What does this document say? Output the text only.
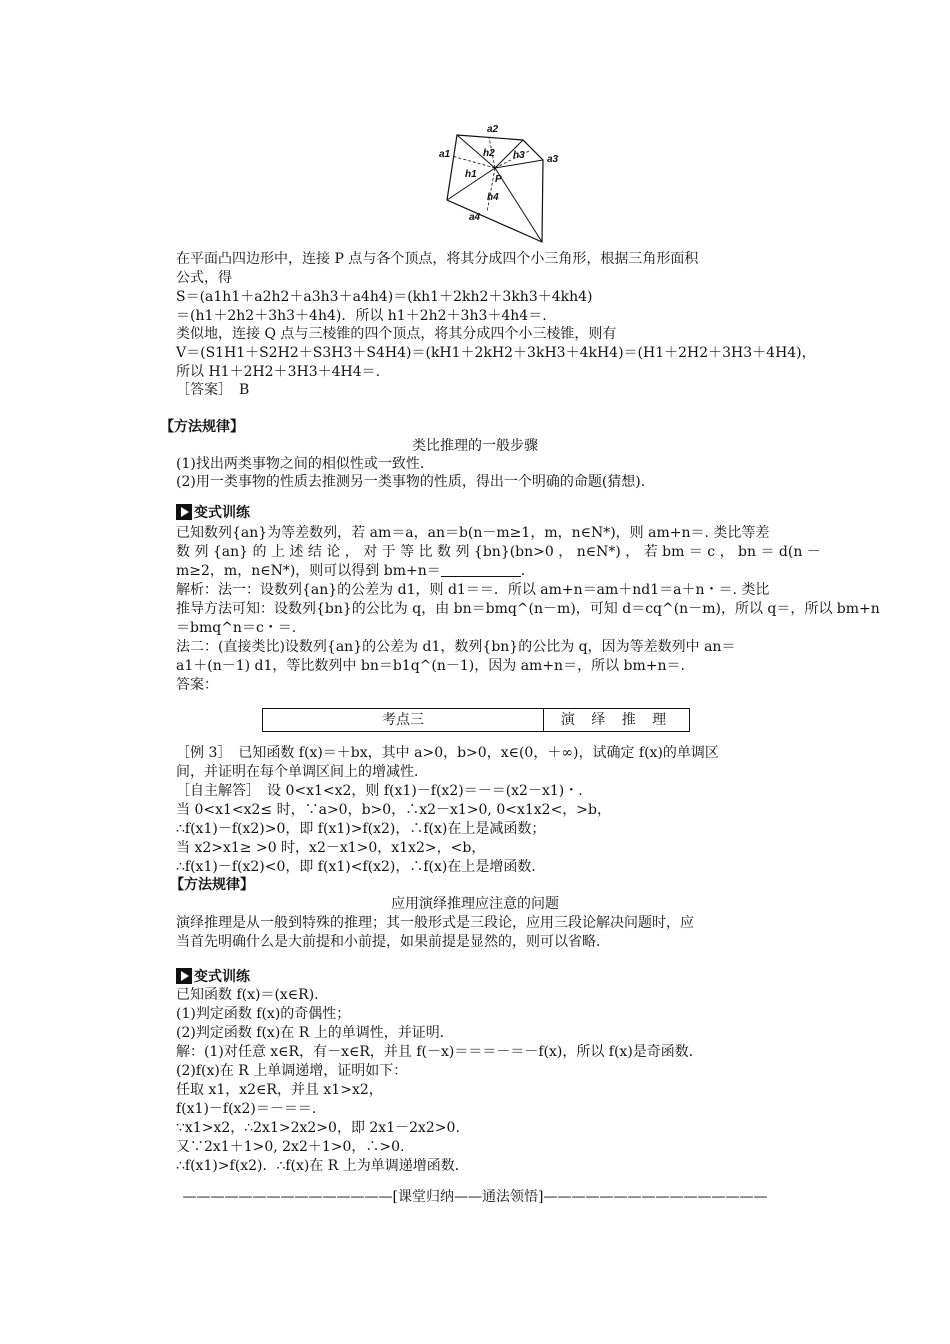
a2
a1	a3
a4
h2 h3
h1
h4
P
在平面凸四边形中，连接 P 点与各个顶点，将其分成四个小三角形，根据三角形面积
公式，得
S＝(a1h1＋a2h2＋a3h3＋a4h4)＝(kh1＋2kh2＋3kh3＋4kh4)
＝(h1＋2h2＋3h3＋4h4)．所以 h1＋2h2＋3h3＋4h4＝.
类似地，连接 Q 点与三棱锥的四个顶点，将其分成四个小三棱锥，则有
V＝(S1H1＋S2H2＋S3H3＋S4H4)＝(kH1＋2kH2＋3kH3＋4kH4)＝(H1＋2H2＋3H3＋4H4)，
所以 H1＋2H2＋3H3＋4H4＝.
［答案］　B
【方法规律】
类比推理的一般步骤
(1)找出两类事物之间的相似性或一致性．
(2)用一类事物的性质去推测另一类事物的性质，得出一个明确的命题(猜想)．
变式训练
已知数列{an}为等差数列，若 am＝a，an＝b(n－m≥1，m，n∈N*)，则 am+n＝. 类比等差
数 列 {an} 的 上 述 结 论 ， 对 于 等 比 数 列 {bn}(bn>0 ， n∈N*) ， 若 bm ＝ c ， bn ＝ d(n －
m≥2，m，n∈N*)，则可以得到 bm+n＝	.
解析：法一：设数列{an}的公差为 d1，则 d1＝＝．所以 am+n＝am＋nd1＝a＋n・＝. 类比
推导方法可知：设数列{bn}的公比为 q，由 bn＝bmq^(n－m)，可知 d＝cq^(n－m)，所以 q＝，所以 bm+n
＝bmq^n＝c・＝.
法二：(直接类比)设数列{an}的公差为 d1，数列{bn}的公比为 q，因为等差数列中 an＝
a1＋(n－1) d1，等比数列中 bn＝b1q^(n－1)，因为 am+n＝，所以 bm+n＝.
答案：
考点三	演 绎 推 理
［例 3］　已知函数 f(x)＝＋bx，其中 a>0，b>0，x∈(0，＋∞)，试确定 f(x)的单调区
间，并证明在每个单调区间上的增减性．
［自主解答］　设 0<x1<x2，则 f(x1)－f(x2)＝－＝(x2－x1)・.
当 0<x1<x2≤ 时，∵a>0，b>0，∴x2－x1>0, 0<x1x2<，>b，
∴f(x1)－f(x2)>0，即 f(x1)>f(x2)，∴f(x)在上是减函数；
当 x2>x1≥ >0 时，x2－x1>0，x1x2>，<b，
∴f(x1)－f(x2)<0，即 f(x1)<f(x2)，∴f(x)在上是增函数．
【方法规律】
应用演绎推理应注意的问题
演绎推理是从一般到特殊的推理；其一般形式是三段论，应用三段论解决问题时，应
当首先明确什么是大前提和小前提，如果前提是显然的，则可以省略．
变式训练
已知函数 f(x)＝(x∈R)．
(1)判定函数 f(x)的奇偶性；
(2)判定函数 f(x)在 R 上的单调性，并证明．
解：(1)对任意 x∈R，有－x∈R，并且 f(－x)＝＝＝－＝－f(x)，所以 f(x)是奇函数．
(2)f(x)在 R 上单调递增，证明如下：
任取 x1，x2∈R，并且 x1>x2，
f(x1)－f(x2)＝－＝＝.
∵x1>x2，∴2x1>2x2>0，即 2x1－2x2>0.
又∵2x1＋1>0, 2x2＋1>0，∴>0.
∴f(x1)>f(x2)．∴f(x)在 R 上为单调递增函数．
———————————————[课堂归纳——通法领悟]————————————————
